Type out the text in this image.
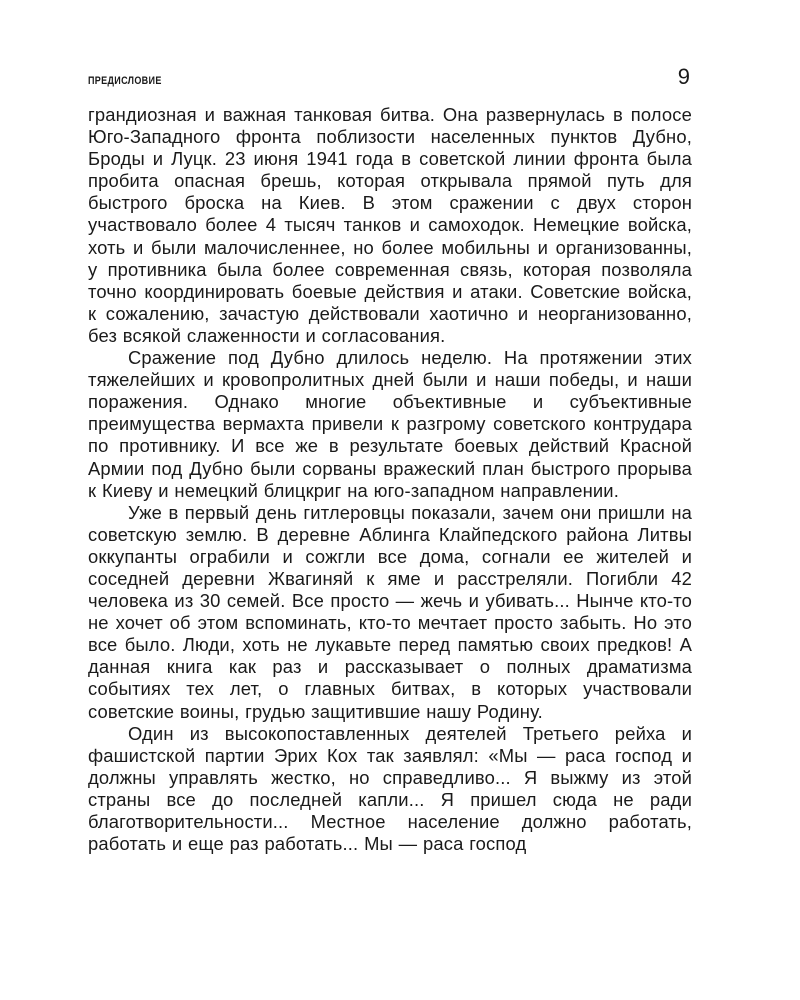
ПРЕДИСЛОВИЕ	9

грандиозная и важная танковая битва. Она развернулась в полосе Юго-Западного фронта поблизости населенных пунктов Дубно, Броды и Луцк. 23 июня 1941 года в советской линии фронта была пробита опасная брешь, которая открывала прямой путь для быстрого броска на Киев. В этом сражении с двух сторон участвовало более 4 тысяч танков и самоходок. Немецкие войска, хоть и были малочисленнее, но более мобильны и организованны, у противника была более современная связь, которая позволяла точно координировать боевые действия и атаки. Советские войска, к сожалению, зачастую действовали хаотично и неорганизованно, без всякой слаженности и согласования.

Сражение под Дубно длилось неделю. На протяжении этих тяжелейших и кровопролитных дней были и наши победы, и наши поражения. Однако многие объективные и субъективные преимущества вермахта привели к разгрому советского контрудара по противнику. И все же в результате боевых действий Красной Армии под Дубно были сорваны вражеский план быстрого прорыва к Киеву и немецкий блицкриг на юго-западном направлении.

Уже в первый день гитлеровцы показали, зачем они пришли на советскую землю. В деревне Аблинга Клайпедского района Литвы оккупанты ограбили и сожгли все дома, согнали ее жителей и соседней деревни Жвагиняй к яме и расстреляли. Погибли 42 человека из 30 семей. Все просто — жечь и убивать... Нынче кто-то не хочет об этом вспоминать, кто-то мечтает просто забыть. Но это все было. Люди, хоть не лукавьте перед памятью своих предков! А данная книга как раз и рассказывает о полных драматизма событиях тех лет, о главных битвах, в которых участвовали советские воины, грудью защитившие нашу Родину.

Один из высокопоставленных деятелей Третьего рейха и фашистской партии Эрих Кох так заявлял: «Мы — раса господ и должны управлять жестко, но справедливо... Я выжму из этой страны все до последней капли... Я пришел сюда не ради благотворительности... Местное население должно работать, работать и еще раз работать... Мы — раса господ
